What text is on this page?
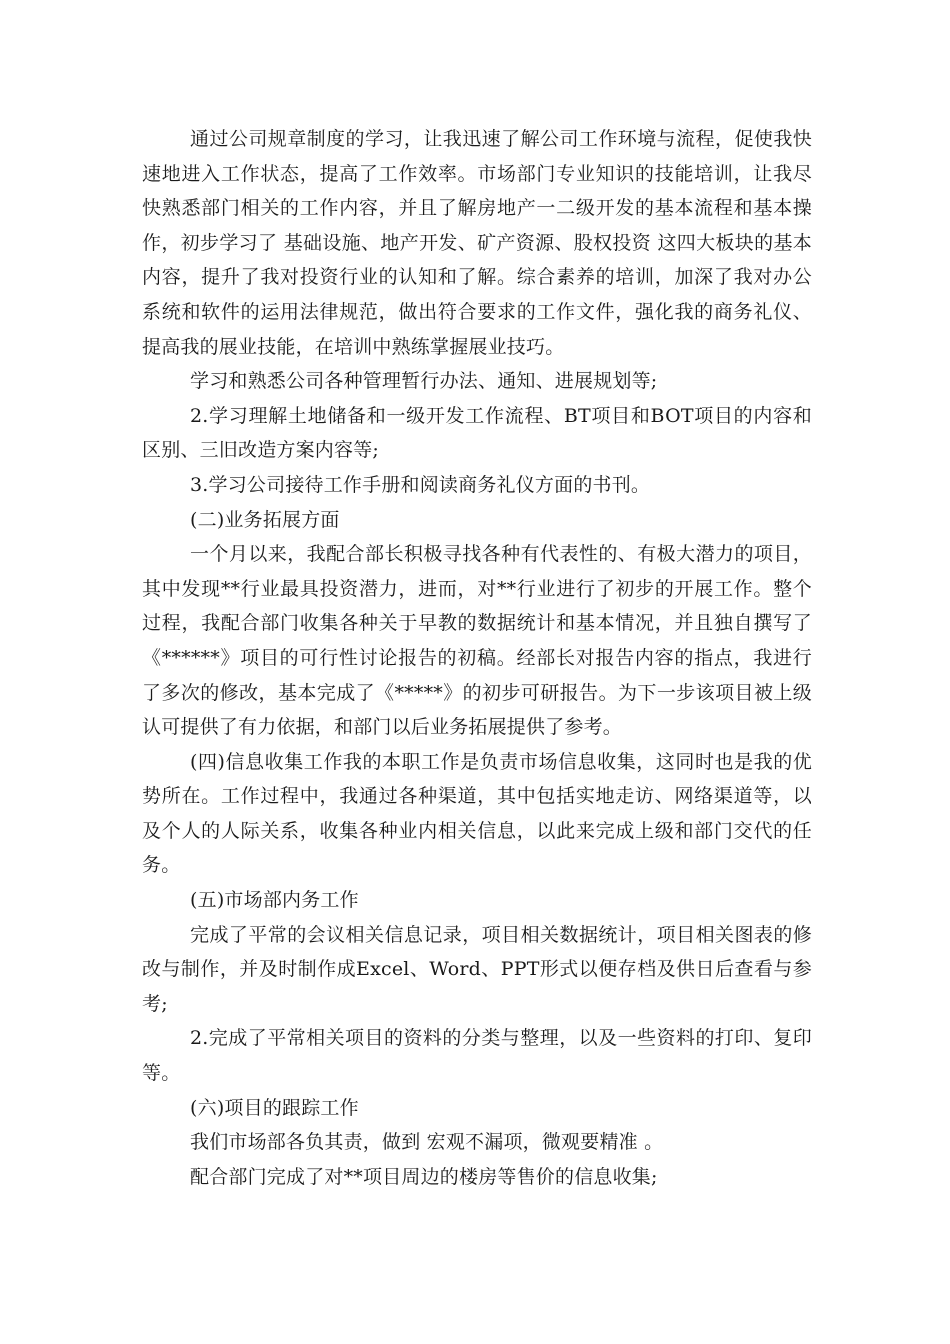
通过公司规章制度的学习，让我迅速了解公司工作环境与流程，促使我快速地进入工作状态，提高了工作效率。市场部门专业知识的技能培训，让我尽快熟悉部门相关的工作内容，并且了解房地产一二级开发的基本流程和基本操作，初步学习了 基础设施、地产开发、矿产资源、股权投资 这四大板块的基本内容，提升了我对投资行业的认知和了解。综合素养的培训，加深了我对办公系统和软件的运用法律规范，做出符合要求的工作文件，强化我的商务礼仪、提高我的展业技能，在培训中熟练掌握展业技巧。

学习和熟悉公司各种管理暂行办法、通知、进展规划等;

2.学习理解土地储备和一级开发工作流程、BT项目和BOT项目的内容和区别、三旧改造方案内容等;

3.学习公司接待工作手册和阅读商务礼仪方面的书刊。

(二)业务拓展方面

一个月以来，我配合部长积极寻找各种有代表性的、有极大潜力的项目，其中发现**行业最具投资潜力，进而，对**行业进行了初步的开展工作。整个过程，我配合部门收集各种关于早教的数据统计和基本情况，并且独自撰写了《******》项目的可行性讨论报告的初稿。经部长对报告内容的指点，我进行了多次的修改，基本完成了《*****》的初步可研报告。为下一步该项目被上级认可提供了有力依据，和部门以后业务拓展提供了参考。

(四)信息收集工作我的本职工作是负责市场信息收集，这同时也是我的优势所在。工作过程中，我通过各种渠道，其中包括实地走访、网络渠道等，以及个人的人际关系，收集各种业内相关信息，以此来完成上级和部门交代的任务。

(五)市场部内务工作

完成了平常的会议相关信息记录，项目相关数据统计，项目相关图表的修改与制作，并及时制作成Excel、Word、PPT形式以便存档及供日后查看与参考;

2.完成了平常相关项目的资料的分类与整理，以及一些资料的打印、复印等。

(六)项目的跟踪工作

我们市场部各负其责，做到 宏观不漏项，微观要精准 。

配合部门完成了对**项目周边的楼房等售价的信息收集;
